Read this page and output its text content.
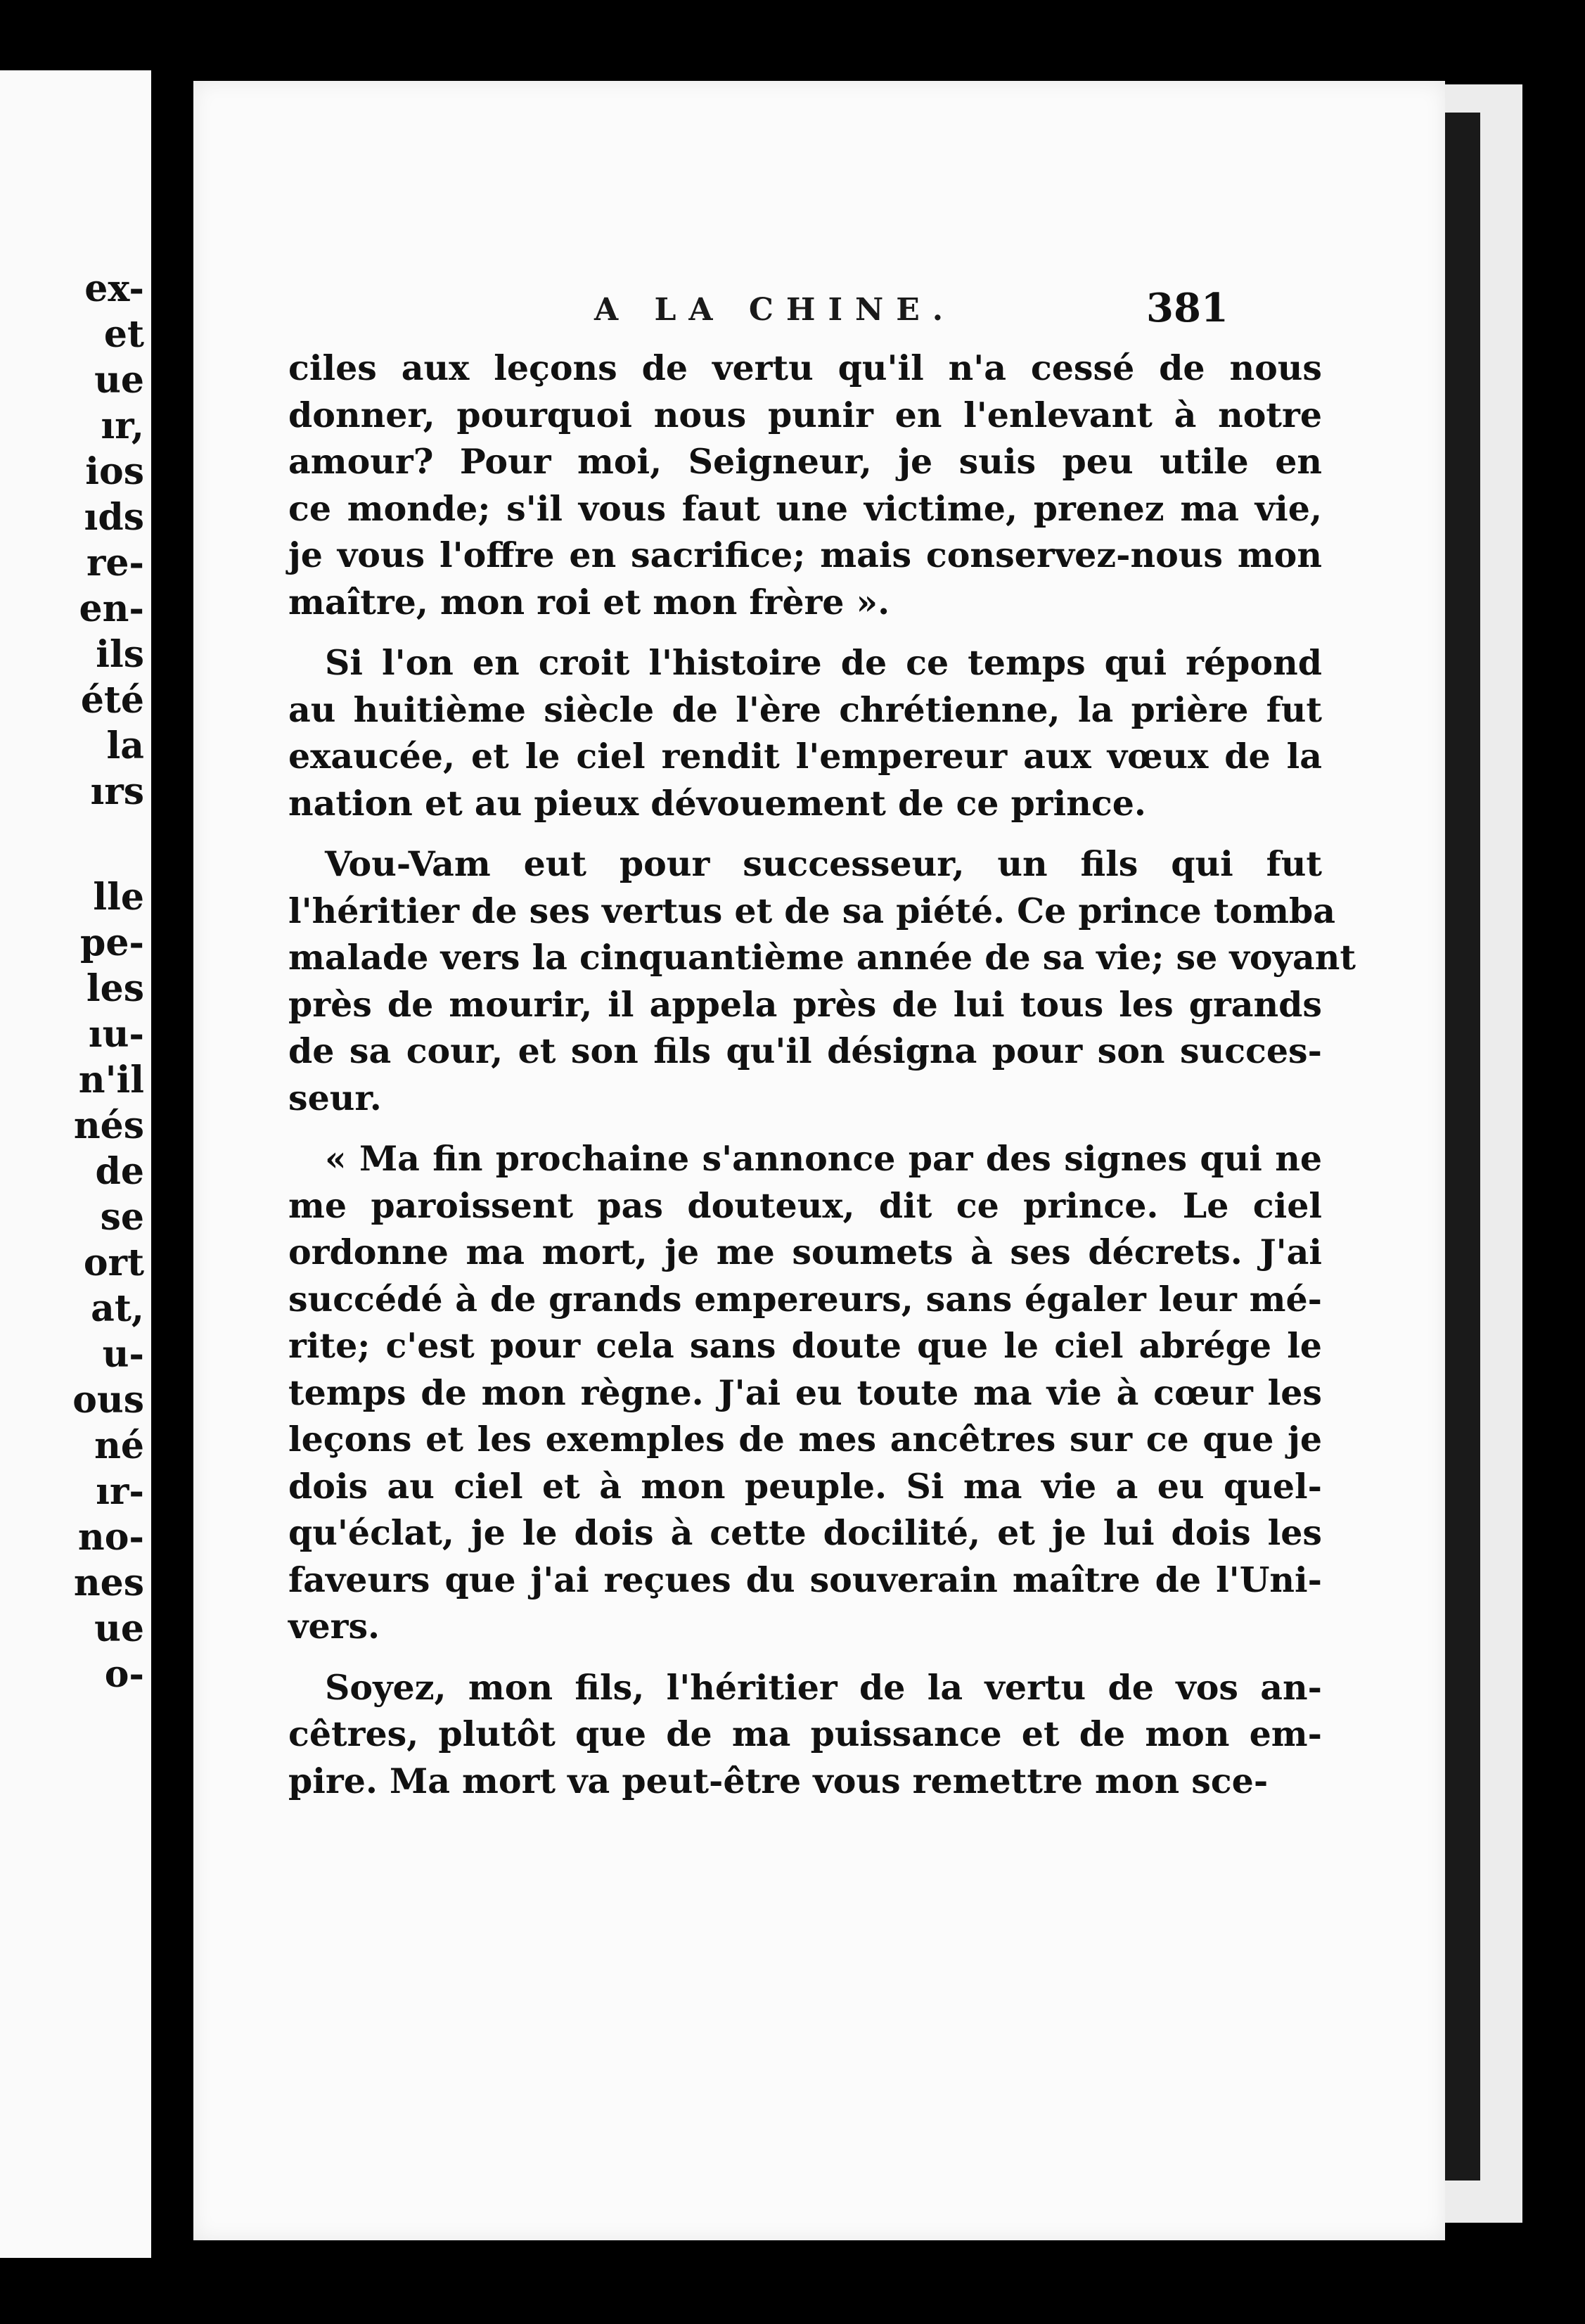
ex-
et
ue
ır,
ios
ıds
re-
en-
ils
été
la
ırs
lle
pe-
les
ıu-
n'il
nés
de
se
ort
at,
u-
ous
né
ır-
no-
nes
ue
o-
A LA CHINE.	381
ciles aux leçons de vertu qu'il n'a cessé de nous
donner, pourquoi nous punir en l'enlevant à notre
amour? Pour moi, Seigneur, je suis peu utile en
ce monde; s'il vous faut une victime, prenez ma vie,
je vous l'offre en sacrifice; mais conservez-nous mon
maître, mon roi et mon frère ».
Si l'on en croit l'histoire de ce temps qui répond
au huitième siècle de l'ère chrétienne, la prière fut
exaucée, et le ciel rendit l'empereur aux vœux de la
nation et au pieux dévouement de ce prince.
Vou-Vam eut pour successeur, un fils qui fut
l'héritier de ses vertus et de sa piété. Ce prince tomba
malade vers la cinquantième année de sa vie; se voyant
près de mourir, il appela près de lui tous les grands
de sa cour, et son fils qu'il désigna pour son succes-
seur.
« Ma fin prochaine s'annonce par des signes qui ne
me paroissent pas douteux, dit ce prince. Le ciel
ordonne ma mort, je me soumets à ses décrets. J'ai
succédé à de grands empereurs, sans égaler leur mé-
rite; c'est pour cela sans doute que le ciel abrége le
temps de mon règne. J'ai eu toute ma vie à cœur les
leçons et les exemples de mes ancêtres sur ce que je
dois au ciel et à mon peuple. Si ma vie a eu quel-
qu'éclat, je le dois à cette docilité, et je lui dois les
faveurs que j'ai reçues du souverain maître de l'Uni-
vers.
Soyez, mon fils, l'héritier de la vertu de vos an-
cêtres, plutôt que de ma puissance et de mon em-
pire. Ma mort va peut-être vous remettre mon sce-
